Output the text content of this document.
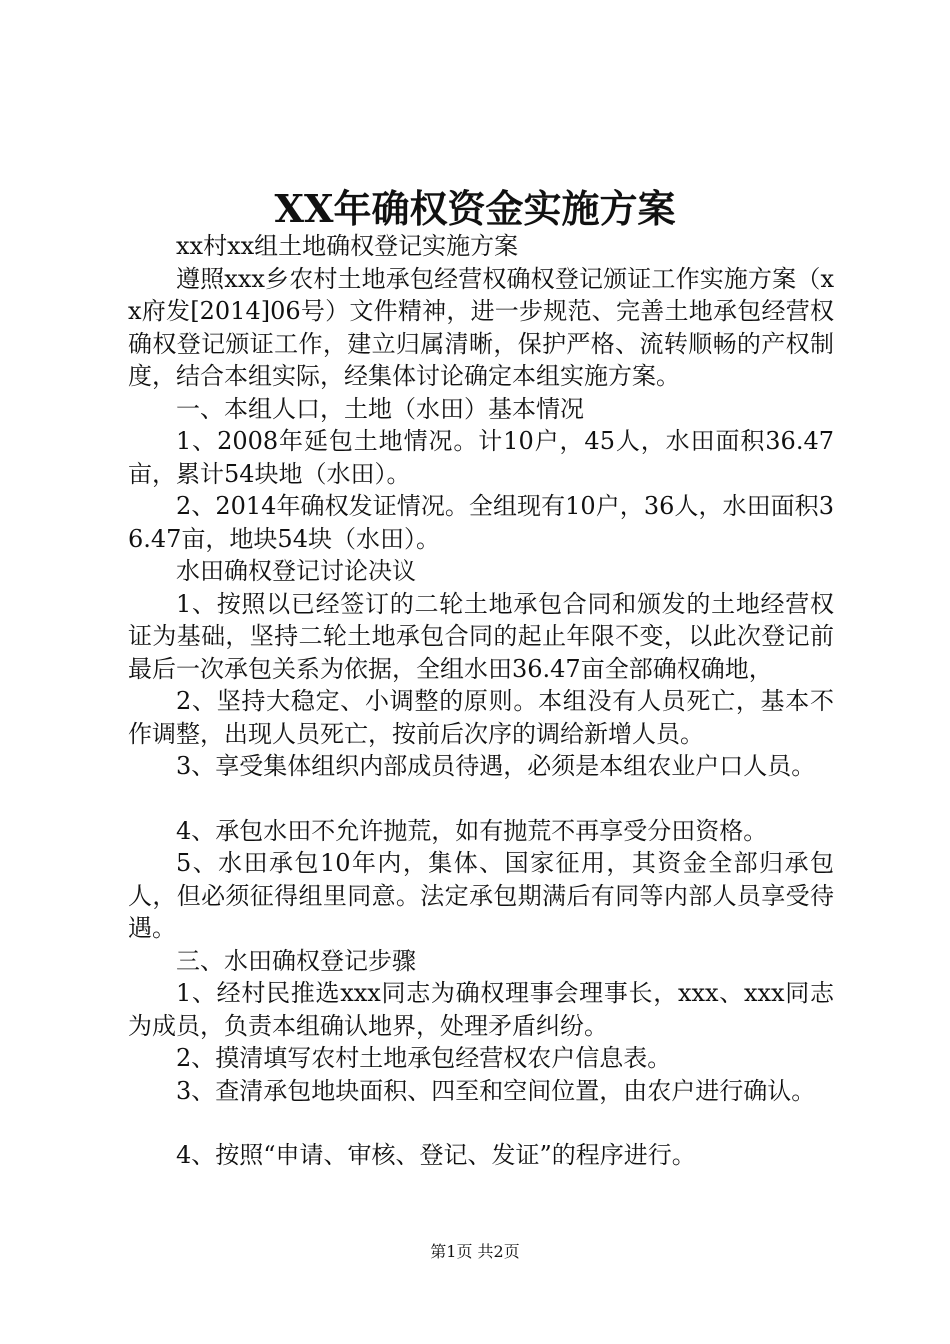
XX年确权资金实施方案

xx村xx组土地确权登记实施方案

遵照xxx乡农村土地承包经营权确权登记颁证工作实施方案（xx府发[2014]06号）文件精神，进一步规范、完善土地承包经营权确权登记颁证工作，建立归属清晰，保护严格、流转顺畅的产权制度，结合本组实际，经集体讨论确定本组实施方案。

一、本组人口，土地（水田）基本情况

1、2008年延包土地情况。计10户，45人，水田面积36.47亩，累计54块地（水田）。

2、2014年确权发证情况。全组现有10户，36人，水田面积36.47亩，地块54块（水田）。

水田确权登记讨论决议

1、按照以已经签订的二轮土地承包合同和颁发的土地经营权证为基础，坚持二轮土地承包合同的起止年限不变，以此次登记前最后一次承包关系为依据，全组水田36.47亩全部确权确地，

2、坚持大稳定、小调整的原则。本组没有人员死亡，基本不作调整，出现人员死亡，按前后次序的调给新增人员。

3、享受集体组织内部成员待遇，必须是本组农业户口人员。

4、承包水田不允许抛荒，如有抛荒不再享受分田资格。

5、水田承包10年内，集体、国家征用，其资金全部归承包人，但必须征得组里同意。法定承包期满后有同等内部人员享受待遇。

三、水田确权登记步骤

1、经村民推选xxx同志为确权理事会理事长，xxx、xxx同志为成员，负责本组确认地界，处理矛盾纠纷。

2、摸清填写农村土地承包经营权农户信息表。

3、查清承包地块面积、四至和空间位置，由农户进行确认。

4、按照“申请、审核、登记、发证”的程序进行。

第1页 共2页
